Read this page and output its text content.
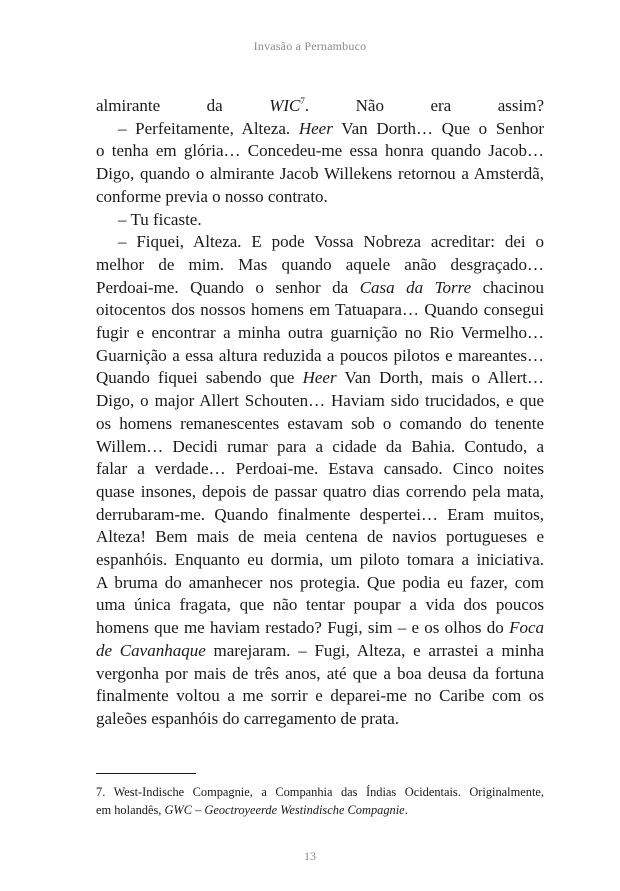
Invasão a Pernambuco

almirante da WIC$^7$. Não era assim?

– Perfeitamente, Alteza. Heer Van Dorth… Que o Senhor

o tenha em glória… Concedeu-me essa honra quando Jacob…

Digo, quando o almirante Jacob Willekens retornou a Amsterdã,

conforme previa o nosso contrato.

– Tu ficaste.

– Fiquei, Alteza. E pode Vossa Nobreza acreditar: dei o

melhor de mim. Mas quando aquele anão desgraçado…

Perdoai-me. Quando o senhor da Casa da Torre chacinou

oitocentos dos nossos homens em Tatuapara… Quando consegui

fugir e encontrar a minha outra guarnição no Rio Vermelho…

Guarnição a essa altura reduzida a poucos pilotos e mareantes…

Quando fiquei sabendo que Heer Van Dorth, mais o Allert…

Digo, o major Allert Schouten… Haviam sido trucidados, e que

os homens remanescentes estavam sob o comando do tenente

Willem… Decidi rumar para a cidade da Bahia. Contudo, a

falar a verdade… Perdoai-me. Estava cansado. Cinco noites

quase insones, depois de passar quatro dias correndo pela mata,

derrubaram-me. Quando finalmente despertei… Eram muitos,

Alteza! Bem mais de meia centena de navios portugueses e

espanhóis. Enquanto eu dormia, um piloto tomara a iniciativa.

A bruma do amanhecer nos protegia. Que podia eu fazer, com

uma única fragata, que não tentar poupar a vida dos poucos

homens que me haviam restado? Fugi, sim – e os olhos do Foca

de Cavanhaque marejaram. – Fugi, Alteza, e arrastei a minha

vergonha por mais de três anos, até que a boa deusa da fortuna

finalmente voltou a me sorrir e deparei-me no Caribe com os

galeões espanhóis do carregamento de prata.

7. West-Indische Compagnie, a Companhia das Índias Ocidentais. Originalmente,

em holandês, GWC – Geoctroyeerde Westindische Compagnie.

13
